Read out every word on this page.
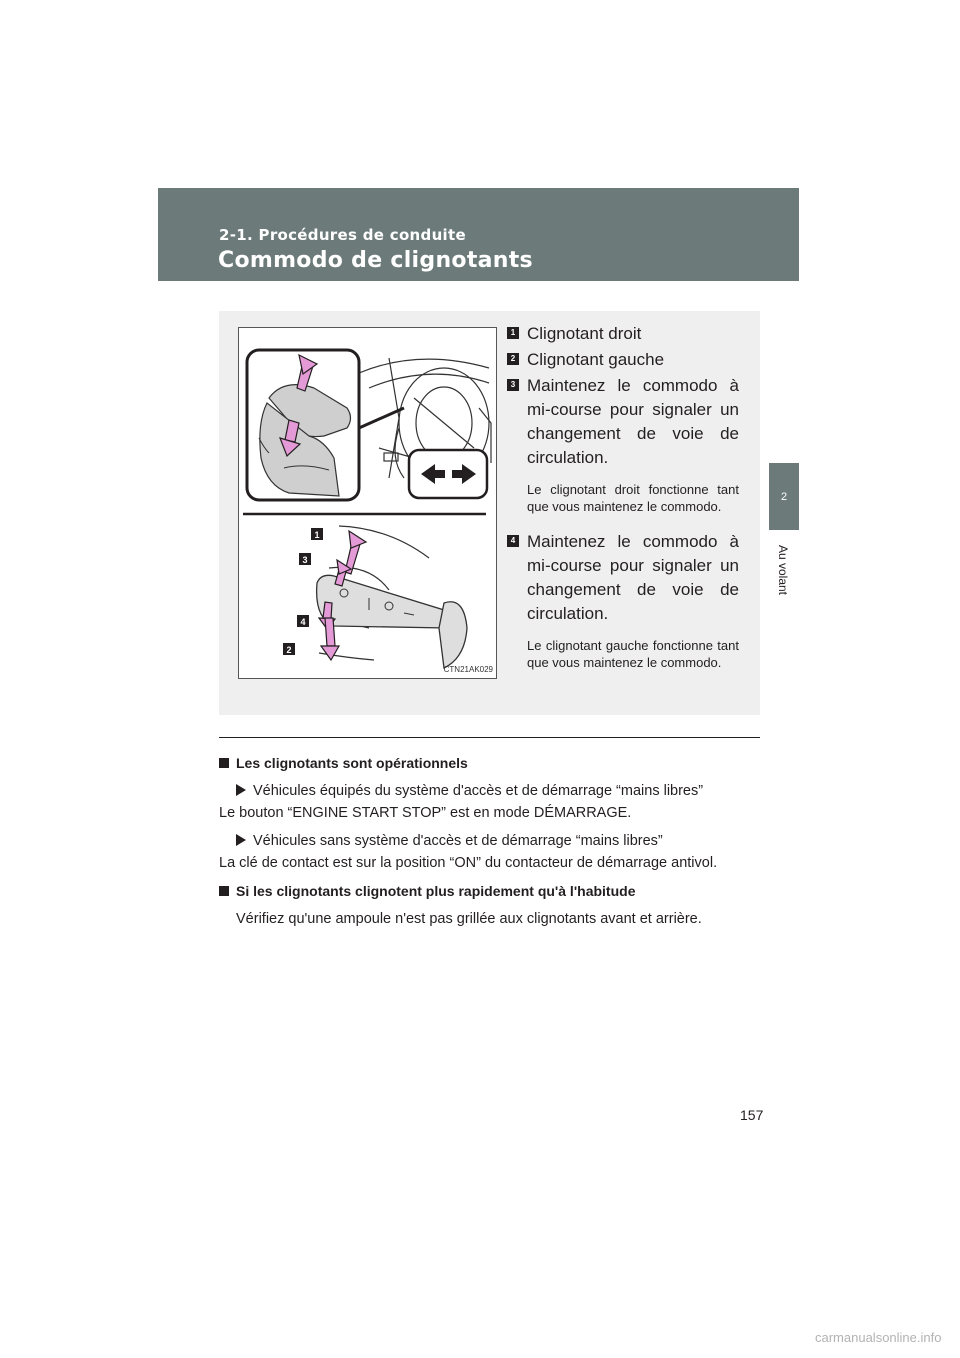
2-1. Procédures de conduite
Commodo de clignotants
2
Au volant
1
3
4
2
CTN21AK029
1 Clignotant droit
2 Clignotant gauche
3 Maintenez le commodo à mi-course pour signaler un changement de voie de circulation.
Le clignotant droit fonctionne tant que vous maintenez le commodo.
4 Maintenez le commodo à mi-course pour signaler un changement de voie de circulation.
Le clignotant gauche fonctionne tant que vous maintenez le commodo.
Les clignotants sont opérationnels
Véhicules équipés du système d'accès et de démarrage “mains libres”
Le bouton “ENGINE START STOP” est en mode DÉMARRAGE.
Véhicules sans système d'accès et de démarrage “mains libres”
La clé de contact est sur la position “ON” du contacteur de démarrage antivol.
Si les clignotants clignotent plus rapidement qu'à l'habitude
Vérifiez qu'une ampoule n'est pas grillée aux clignotants avant et arrière.
157
carmanualsonline.info
